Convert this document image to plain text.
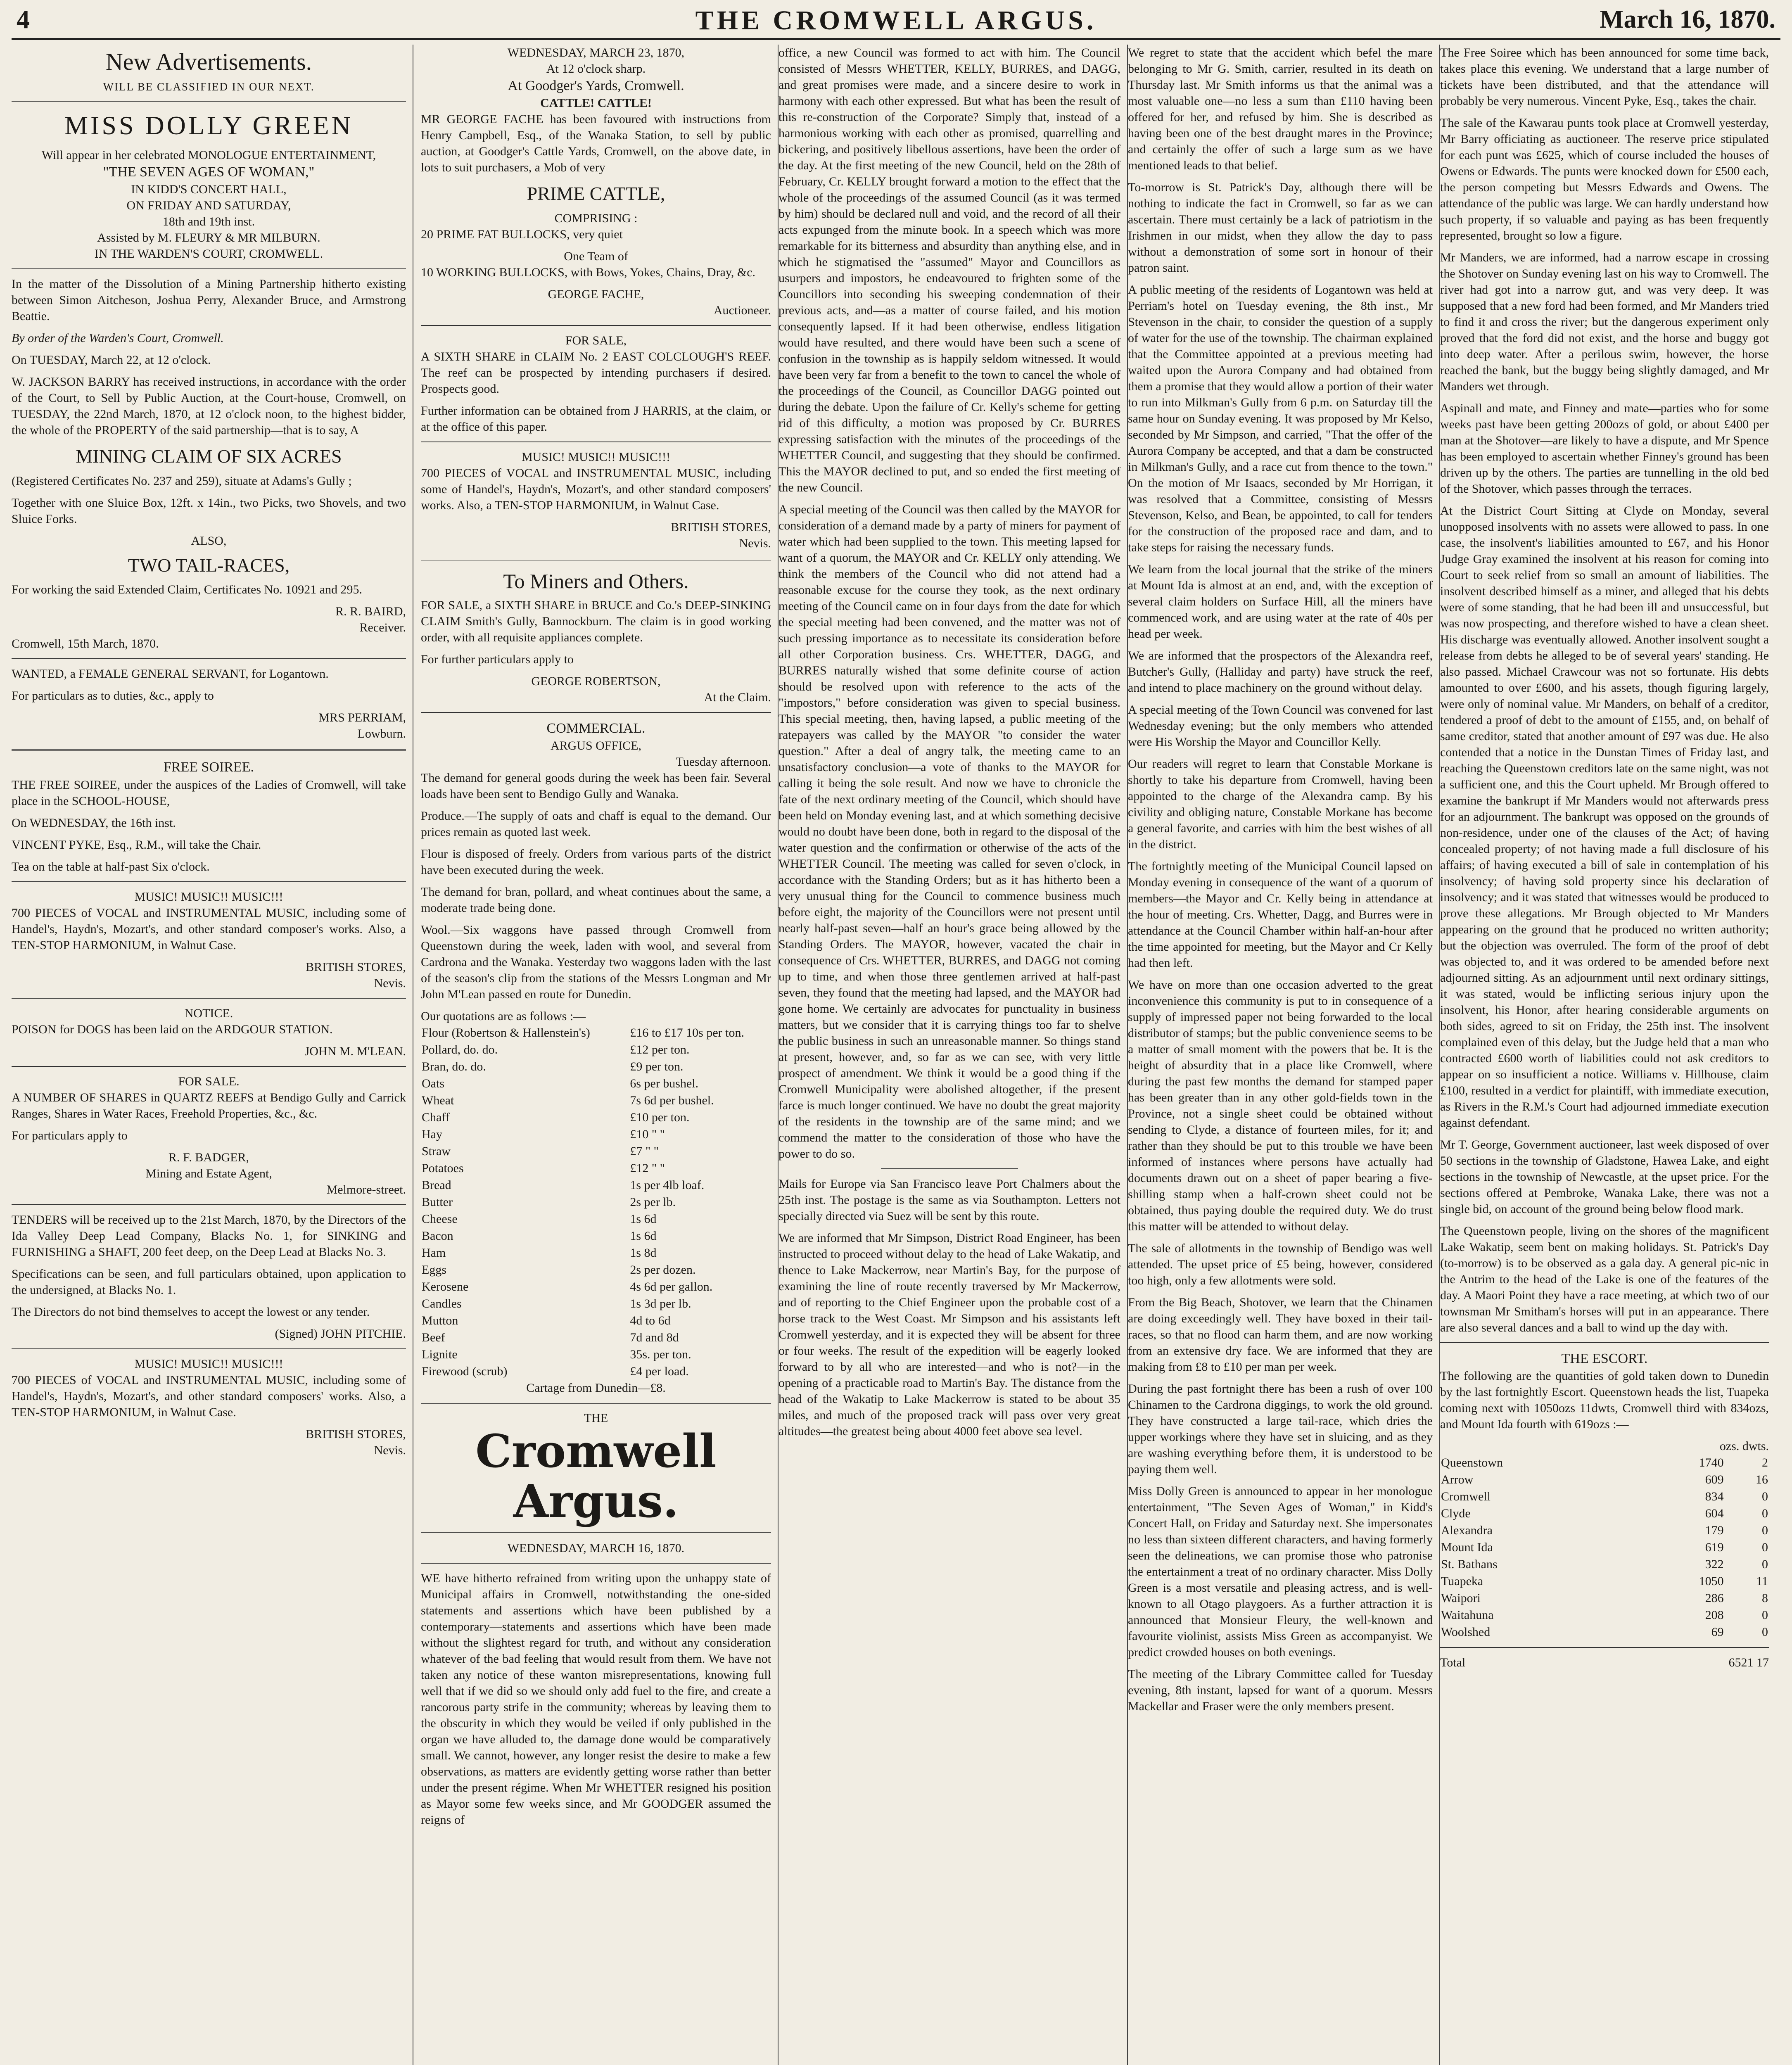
4	THE CROMWELL ARGUS.	March 16, 1870.
New Advertisements.
WILL BE CLASSIFIED IN OUR NEXT.
MISS DOLLY GREEN
Will appear in her celebrated MONOLOGUE ENTERTAINMENT,
"THE SEVEN AGES OF WOMAN,"
IN KIDD'S CONCERT HALL,
ON FRIDAY AND SATURDAY,
18th and 19th inst.
Assisted by M. FLEURY & MR MILBURN.
IN THE WARDEN'S COURT, CROMWELL.

In the matter of the Dissolution of a Mining Partnership hitherto existing between Simon Aitcheson, Joshua Perry, Alexander Bruce, and Armstrong Beattie.

By order of the Warden's Court, Cromwell.

On TUESDAY, March 22, at 12 o'clock.

W. JACKSON BARRY has received instructions, in accordance with the order of the Court, to Sell by Public Auction, at the Court-house, Cromwell, on TUESDAY, the 22nd March, 1870, at 12 o'clock noon, to the highest bidder, the whole of the PROPERTY of the said partnership—that is to say, A

MINING CLAIM OF SIX ACRES

(Registered Certificates No. 237 and 259), situate at Adams's Gully ;

Together with one Sluice Box, 12ft. x 14in., two Picks, two Shovels, and two Sluice Forks.

ALSO,
TWO TAIL-RACES,

For working the said Extended Claim, Certificates No. 10921 and 295.

R. R. BAIRD,
Receiver.
Cromwell, 15th March, 1870.

WANTED, a FEMALE GENERAL SERVANT, for Logantown.

For particulars as to duties, &c., apply to

MRS PERRIAM,
Lowburn.
FREE SOIREE.

THE FREE SOIREE, under the auspices of the Ladies of Cromwell, will take place in the SCHOOL-HOUSE,

On WEDNESDAY, the 16th inst.

VINCENT PYKE, Esq., R.M., will take the Chair.

Tea on the table at half-past Six o'clock.

MUSIC! MUSIC!! MUSIC!!!

700 PIECES of VOCAL and INSTRUMENTAL MUSIC, including some of Handel's, Haydn's, Mozart's, and other standard composer's works. Also, a TEN-STOP HARMONIUM, in Walnut Case.

BRITISH STORES,
Nevis.
NOTICE.

POISON for DOGS has been laid on the ARDGOUR STATION.

JOHN M. M'LEAN.
FOR SALE.

A NUMBER OF SHARES in QUARTZ REEFS at Bendigo Gully and Carrick Ranges, Shares in Water Races, Freehold Properties, &c., &c.

For particulars apply to

R. F. BADGER,
Mining and Estate Agent,
Melmore-street.

TENDERS will be received up to the 21st March, 1870, by the Directors of the Ida Valley Deep Lead Company, Blacks No. 1, for SINKING and FURNISHING a SHAFT, 200 feet deep, on the Deep Lead at Blacks No. 3.

Specifications can be seen, and full particulars obtained, upon application to the undersigned, at Blacks No. 1.

The Directors do not bind themselves to accept the lowest or any tender.

(Signed) JOHN PITCHIE.
MUSIC! MUSIC!! MUSIC!!!

700 PIECES of VOCAL and INSTRUMENTAL MUSIC, including some of Handel's, Haydn's, Mozart's, and other standard composers' works. Also, a TEN-STOP HARMONIUM, in Walnut Case.

BRITISH STORES,
Nevis.
WEDNESDAY, MARCH 23, 1870,
At 12 o'clock sharp.
At Goodger's Yards, Cromwell.
CATTLE! CATTLE!

MR GEORGE FACHE has been favoured with instructions from Henry Campbell, Esq., of the Wanaka Station, to sell by public auction, at Goodger's Cattle Yards, Cromwell, on the above date, in lots to suit purchasers, a Mob of very

PRIME CATTLE,
COMPRISING :

20 PRIME FAT BULLOCKS, very quiet

One Team of

10 WORKING BULLOCKS, with Bows, Yokes, Chains, Dray, &c.

GEORGE FACHE,
Auctioneer.
FOR SALE,

A SIXTH SHARE in CLAIM No. 2 EAST COLCLOUGH'S REEF. The reef can be prospected by intending purchasers if desired. Prospects good.

Further information can be obtained from J HARRIS, at the claim, or at the office of this paper.

MUSIC! MUSIC!! MUSIC!!!

700 PIECES of VOCAL and INSTRUMENTAL MUSIC, including some of Handel's, Haydn's, Mozart's, and other standard composers' works. Also, a TEN-STOP HARMONIUM, in Walnut Case.

BRITISH STORES,
Nevis.
To Miners and Others.

FOR SALE, a SIXTH SHARE in BRUCE and Co.'s DEEP-SINKING CLAIM Smith's Gully, Bannockburn. The claim is in good working order, with all requisite appliances complete.

For further particulars apply to

GEORGE ROBERTSON,
At the Claim.
COMMERCIAL.
ARGUS OFFICE,
Tuesday afternoon.

The demand for general goods during the week has been fair. Several loads have been sent to Bendigo Gully and Wanaka.

Produce.—The supply of oats and chaff is equal to the demand. Our prices remain as quoted last week.

Flour is disposed of freely. Orders from various parts of the district have been executed during the week.

The demand for bran, pollard, and wheat continues about the same, a moderate trade being done.

Wool.—Six waggons have passed through Cromwell from Queenstown during the week, laden with wool, and several from Cardrona and the Wanaka. Yesterday two waggons laden with the last of the season's clip from the stations of the Messrs Longman and Mr John M'Lean passed en route for Dunedin.

Our quotations are as follows :—
Flour (Robertson & Hallenstein's)	£16 to £17 10s per ton.
Pollard, do. do.	£12 per ton.
Bran, do. do.	£9 per ton.
Oats	6s per bushel.
Wheat	7s 6d per bushel.
Chaff	£10 per ton.
Hay	£10 " "
Straw	£7 " "
Potatoes	£12 " "
Bread	1s per 4lb loaf.
Butter	2s per lb.
Cheese	1s 6d
Bacon	1s 6d
Ham	1s 8d
Eggs	2s per dozen.
Kerosene	4s 6d per gallon.
Candles	1s 3d per lb.
Mutton	4d to 6d
Beef	7d and 8d
Lignite	35s. per ton.
Firewood (scrub)	£4 per load.
Cartage from Dunedin—£8.
THE
Cromwell Argus.
WEDNESDAY, MARCH 16, 1870.

WE have hitherto refrained from writing upon the unhappy state of Municipal affairs in Cromwell, notwithstanding the one-sided statements and assertions which have been published by a contemporary—statements and assertions which have been made without the slightest regard for truth, and without any consideration whatever of the bad feeling that would result from them. We have not taken any notice of these wanton misrepresentations, knowing full well that if we did so we should only add fuel to the fire, and create a rancorous party strife in the community; whereas by leaving them to the obscurity in which they would be veiled if only published in the organ we have alluded to, the damage done would be comparatively small. We cannot, however, any longer resist the desire to make a few observations, as matters are evidently getting worse rather than better under the present régime. When Mr WHETTER resigned his position as Mayor some few weeks since, and Mr GOODGER assumed the reigns of

office, a new Council was formed to act with him. The Council consisted of Messrs WHETTER, KELLY, BURRES, and DAGG, and great promises were made, and a sincere desire to work in harmony with each other expressed. But what has been the result of this re-construction of the Corporate? Simply that, instead of a harmonious working with each other as promised, quarrelling and bickering, and positively libellous assertions, have been the order of the day. At the first meeting of the new Council, held on the 28th of February, Cr. KELLY brought forward a motion to the effect that the whole of the proceedings of the assumed Council (as it was termed by him) should be declared null and void, and the record of all their acts expunged from the minute book. In a speech which was more remarkable for its bitterness and absurdity than anything else, and in which he stigmatised the "assumed" Mayor and Councillors as usurpers and impostors, he endeavoured to frighten some of the Councillors into seconding his sweeping condemnation of their previous acts, and—as a matter of course failed, and his motion consequently lapsed. If it had been otherwise, endless litigation would have resulted, and there would have been such a scene of confusion in the township as is happily seldom witnessed. It would have been very far from a benefit to the town to cancel the whole of the proceedings of the Council, as Councillor DAGG pointed out during the debate. Upon the failure of Cr. Kelly's scheme for getting rid of this difficulty, a motion was proposed by Cr. BURRES expressing satisfaction with the minutes of the proceedings of the WHETTER Council, and suggesting that they should be confirmed. This the MAYOR declined to put, and so ended the first meeting of the new Council.

A special meeting of the Council was then called by the MAYOR for consideration of a demand made by a party of miners for payment of water which had been supplied to the town. This meeting lapsed for want of a quorum, the MAYOR and Cr. KELLY only attending. We think the members of the Council who did not attend had a reasonable excuse for the course they took, as the next ordinary meeting of the Council came on in four days from the date for which the special meeting had been convened, and the matter was not of such pressing importance as to necessitate its consideration before all other Corporation business. Crs. WHETTER, DAGG, and BURRES naturally wished that some definite course of action should be resolved upon with reference to the acts of the "impostors," before consideration was given to special business. This special meeting, then, having lapsed, a public meeting of the ratepayers was called by the MAYOR "to consider the water question." After a deal of angry talk, the meeting came to an unsatisfactory conclusion—a vote of thanks to the MAYOR for calling it being the sole result. And now we have to chronicle the fate of the next ordinary meeting of the Council, which should have been held on Monday evening last, and at which something decisive would no doubt have been done, both in regard to the disposal of the water question and the confirmation or otherwise of the acts of the WHETTER Council. The meeting was called for seven o'clock, in accordance with the Standing Orders; but as it has hitherto been a very unusual thing for the Council to commence business much before eight, the majority of the Councillors were not present until nearly half-past seven—half an hour's grace being allowed by the Standing Orders. The MAYOR, however, vacated the chair in consequence of Crs. WHETTER, BURRES, and DAGG not coming up to time, and when those three gentlemen arrived at half-past seven, they found that the meeting had lapsed, and the MAYOR had gone home. We certainly are advocates for punctuality in business matters, but we consider that it is carrying things too far to shelve the public business in such an unreasonable manner. So things stand at present, however, and, so far as we can see, with very little prospect of amendment. We think it would be a good thing if the Cromwell Municipality were abolished altogether, if the present farce is much longer continued. We have no doubt the great majority of the residents in the township are of the same mind; and we commend the matter to the consideration of those who have the power to do so.

Mails for Europe via San Francisco leave Port Chalmers about the 25th inst. The postage is the same as via Southampton. Letters not specially directed via Suez will be sent by this route.

We are informed that Mr Simpson, District Road Engineer, has been instructed to proceed without delay to the head of Lake Wakatip, and thence to Lake Mackerrow, near Martin's Bay, for the purpose of examining the line of route recently traversed by Mr Mackerrow, and of reporting to the Chief Engineer upon the probable cost of a horse track to the West Coast. Mr Simpson and his assistants left Cromwell yesterday, and it is expected they will be absent for three or four weeks. The result of the expedition will be eagerly looked forward to by all who are interested—and who is not?—in the opening of a practicable road to Martin's Bay. The distance from the head of the Wakatip to Lake Mackerrow is stated to be about 35 miles, and much of the proposed track will pass over very great altitudes—the greatest being about 4000 feet above sea level.

We regret to state that the accident which befel the mare belonging to Mr G. Smith, carrier, resulted in its death on Thursday last. Mr Smith informs us that the animal was a most valuable one—no less a sum than £110 having been offered for her, and refused by him. She is described as having been one of the best draught mares in the Province; and certainly the offer of such a large sum as we have mentioned leads to that belief.

To-morrow is St. Patrick's Day, although there will be nothing to indicate the fact in Cromwell, so far as we can ascertain. There must certainly be a lack of patriotism in the Irishmen in our midst, when they allow the day to pass without a demonstration of some sort in honour of their patron saint.

A public meeting of the residents of Logantown was held at Perriam's hotel on Tuesday evening, the 8th inst., Mr Stevenson in the chair, to consider the question of a supply of water for the use of the township. The chairman explained that the Committee appointed at a previous meeting had waited upon the Aurora Company and had obtained from them a promise that they would allow a portion of their water to run into Milkman's Gully from 6 p.m. on Saturday till the same hour on Sunday evening. It was proposed by Mr Kelso, seconded by Mr Simpson, and carried, "That the offer of the Aurora Company be accepted, and that a dam be constructed in Milkman's Gully, and a race cut from thence to the town." On the motion of Mr Isaacs, seconded by Mr Horrigan, it was resolved that a Committee, consisting of Messrs Stevenson, Kelso, and Bean, be appointed, to call for tenders for the construction of the proposed race and dam, and to take steps for raising the necessary funds.

We learn from the local journal that the strike of the miners at Mount Ida is almost at an end, and, with the exception of several claim holders on Surface Hill, all the miners have commenced work, and are using water at the rate of 40s per head per week.

We are informed that the prospectors of the Alexandra reef, Butcher's Gully, (Halliday and party) have struck the reef, and intend to place machinery on the ground without delay.

A special meeting of the Town Council was convened for last Wednesday evening; but the only members who attended were His Worship the Mayor and Councillor Kelly.

Our readers will regret to learn that Constable Morkane is shortly to take his departure from Cromwell, having been appointed to the charge of the Alexandra camp. By his civility and obliging nature, Constable Morkane has become a general favorite, and carries with him the best wishes of all in the district.

The fortnightly meeting of the Municipal Council lapsed on Monday evening in consequence of the want of a quorum of members—the Mayor and Cr. Kelly being in attendance at the hour of meeting. Crs. Whetter, Dagg, and Burres were in attendance at the Council Chamber within half-an-hour after the time appointed for meeting, but the Mayor and Cr Kelly had then left.

We have on more than one occasion adverted to the great inconvenience this community is put to in consequence of a supply of impressed paper not being forwarded to the local distributor of stamps; but the public convenience seems to be a matter of small moment with the powers that be. It is the height of absurdity that in a place like Cromwell, where during the past few months the demand for stamped paper has been greater than in any other gold-fields town in the Province, not a single sheet could be obtained without sending to Clyde, a distance of fourteen miles, for it; and rather than they should be put to this trouble we have been informed of instances where persons have actually had documents drawn out on a sheet of paper bearing a five-shilling stamp when a half-crown sheet could not be obtained, thus paying double the required duty. We do trust this matter will be attended to without delay.

The sale of allotments in the township of Bendigo was well attended. The upset price of £5 being, however, considered too high, only a few allotments were sold.

From the Big Beach, Shotover, we learn that the Chinamen are doing exceedingly well. They have boxed in their tail-races, so that no flood can harm them, and are now working from an extensive dry face. We are informed that they are making from £8 to £10 per man per week.

During the past fortnight there has been a rush of over 100 Chinamen to the Cardrona diggings, to work the old ground. They have constructed a large tail-race, which dries the upper workings where they have set in sluicing, and as they are washing everything before them, it is understood to be paying them well.

Miss Dolly Green is announced to appear in her monologue entertainment, "The Seven Ages of Woman," in Kidd's Concert Hall, on Friday and Saturday next. She impersonates no less than sixteen different characters, and having formerly seen the delineations, we can promise those who patronise the entertainment a treat of no ordinary character. Miss Dolly Green is a most versatile and pleasing actress, and is well-known to all Otago playgoers. As a further attraction it is announced that Monsieur Fleury, the well-known and favourite violinist, assists Miss Green as accompanyist. We predict crowded houses on both evenings.

The meeting of the Library Committee called for Tuesday evening, 8th instant, lapsed for want of a quorum. Messrs Mackellar and Fraser were the only members present.

The Free Soiree which has been announced for some time back, takes place this evening. We understand that a large number of tickets have been distributed, and that the attendance will probably be very numerous. Vincent Pyke, Esq., takes the chair.

The sale of the Kawarau punts took place at Cromwell yesterday, Mr Barry officiating as auctioneer. The reserve price stipulated for each punt was £625, which of course included the houses of Owens or Edwards. The punts were knocked down for £500 each, the person competing but Messrs Edwards and Owens. The attendance of the public was large. We can hardly understand how such property, if so valuable and paying as has been frequently represented, brought so low a figure.

Mr Manders, we are informed, had a narrow escape in crossing the Shotover on Sunday evening last on his way to Cromwell. The river had got into a narrow gut, and was very deep. It was supposed that a new ford had been formed, and Mr Manders tried to find it and cross the river; but the dangerous experiment only proved that the ford did not exist, and the horse and buggy got into deep water. After a perilous swim, however, the horse reached the bank, but the buggy being slightly damaged, and Mr Manders wet through.

Aspinall and mate, and Finney and mate—parties who for some weeks past have been getting 200ozs of gold, or about £400 per man at the Shotover—are likely to have a dispute, and Mr Spence has been employed to ascertain whether Finney's ground has been driven up by the others. The parties are tunnelling in the old bed of the Shotover, which passes through the terraces.

At the District Court Sitting at Clyde on Monday, several unopposed insolvents with no assets were allowed to pass. In one case, the insolvent's liabilities amounted to £67, and his Honor Judge Gray examined the insolvent at his reason for coming into Court to seek relief from so small an amount of liabilities. The insolvent described himself as a miner, and alleged that his debts were of some standing, that he had been ill and unsuccessful, but was now prospecting, and therefore wished to have a clean sheet. His discharge was eventually allowed. Another insolvent sought a release from debts he alleged to be of several years' standing. He also passed. Michael Crawcour was not so fortunate. His debts amounted to over £600, and his assets, though figuring largely, were only of nominal value. Mr Manders, on behalf of a creditor, tendered a proof of debt to the amount of £155, and, on behalf of same creditor, stated that another amount of £97 was due. He also contended that a notice in the Dunstan Times of Friday last, and reaching the Queenstown creditors late on the same night, was not a sufficient one, and this the Court upheld. Mr Brough offered to examine the bankrupt if Mr Manders would not afterwards press for an adjournment. The bankrupt was opposed on the grounds of non-residence, under one of the clauses of the Act; of having concealed property; of not having made a full disclosure of his affairs; of having executed a bill of sale in contemplation of his insolvency; of having sold property since his declaration of insolvency; and it was stated that witnesses would be produced to prove these allegations. Mr Brough objected to Mr Manders appearing on the ground that he produced no written authority; but the objection was overruled. The form of the proof of debt was objected to, and it was ordered to be amended before next adjourned sitting. As an adjournment until next ordinary sittings, it was stated, would be inflicting serious injury upon the insolvent, his Honor, after hearing considerable arguments on both sides, agreed to sit on Friday, the 25th inst. The insolvent complained even of this delay, but the Judge held that a man who contracted £600 worth of liabilities could not ask creditors to appear on so insufficient a notice. Williams v. Hillhouse, claim £100, resulted in a verdict for plaintiff, with immediate execution, as Rivers in the R.M.'s Court had adjourned immediate execution against defendant.

Mr T. George, Government auctioneer, last week disposed of over 50 sections in the township of Gladstone, Hawea Lake, and eight sections in the township of Newcastle, at the upset price. For the sections offered at Pembroke, Wanaka Lake, there was not a single bid, on account of the ground being below flood mark.

The Queenstown people, living on the shores of the magnificent Lake Wakatip, seem bent on making holidays. St. Patrick's Day (to-morrow) is to be observed as a gala day. A general pic-nic in the Antrim to the head of the Lake is one of the features of the day. A Maori Point they have a race meeting, at which two of our townsman Mr Smitham's horses will put in an appearance. There are also several dances and a ball to wind up the day with.

THE ESCORT.

The following are the quantities of gold taken down to Dunedin by the last fortnightly Escort. Queenstown heads the list, Tuapeka coming next with 1050ozs 11dwts, Cromwell third with 834ozs, and Mount Ida fourth with 619ozs :—

ozs. dwts.
Queenstown	1740	2
Arrow	609	16
Cromwell	834	0
Clyde	604	0
Alexandra	179	0
Mount Ida	619	0
St. Bathans	322	0
Tuapeka	1050	11
Waipori	286	8
Waitahuna	208	0
Woolshed	69	0
Total	6521 17
